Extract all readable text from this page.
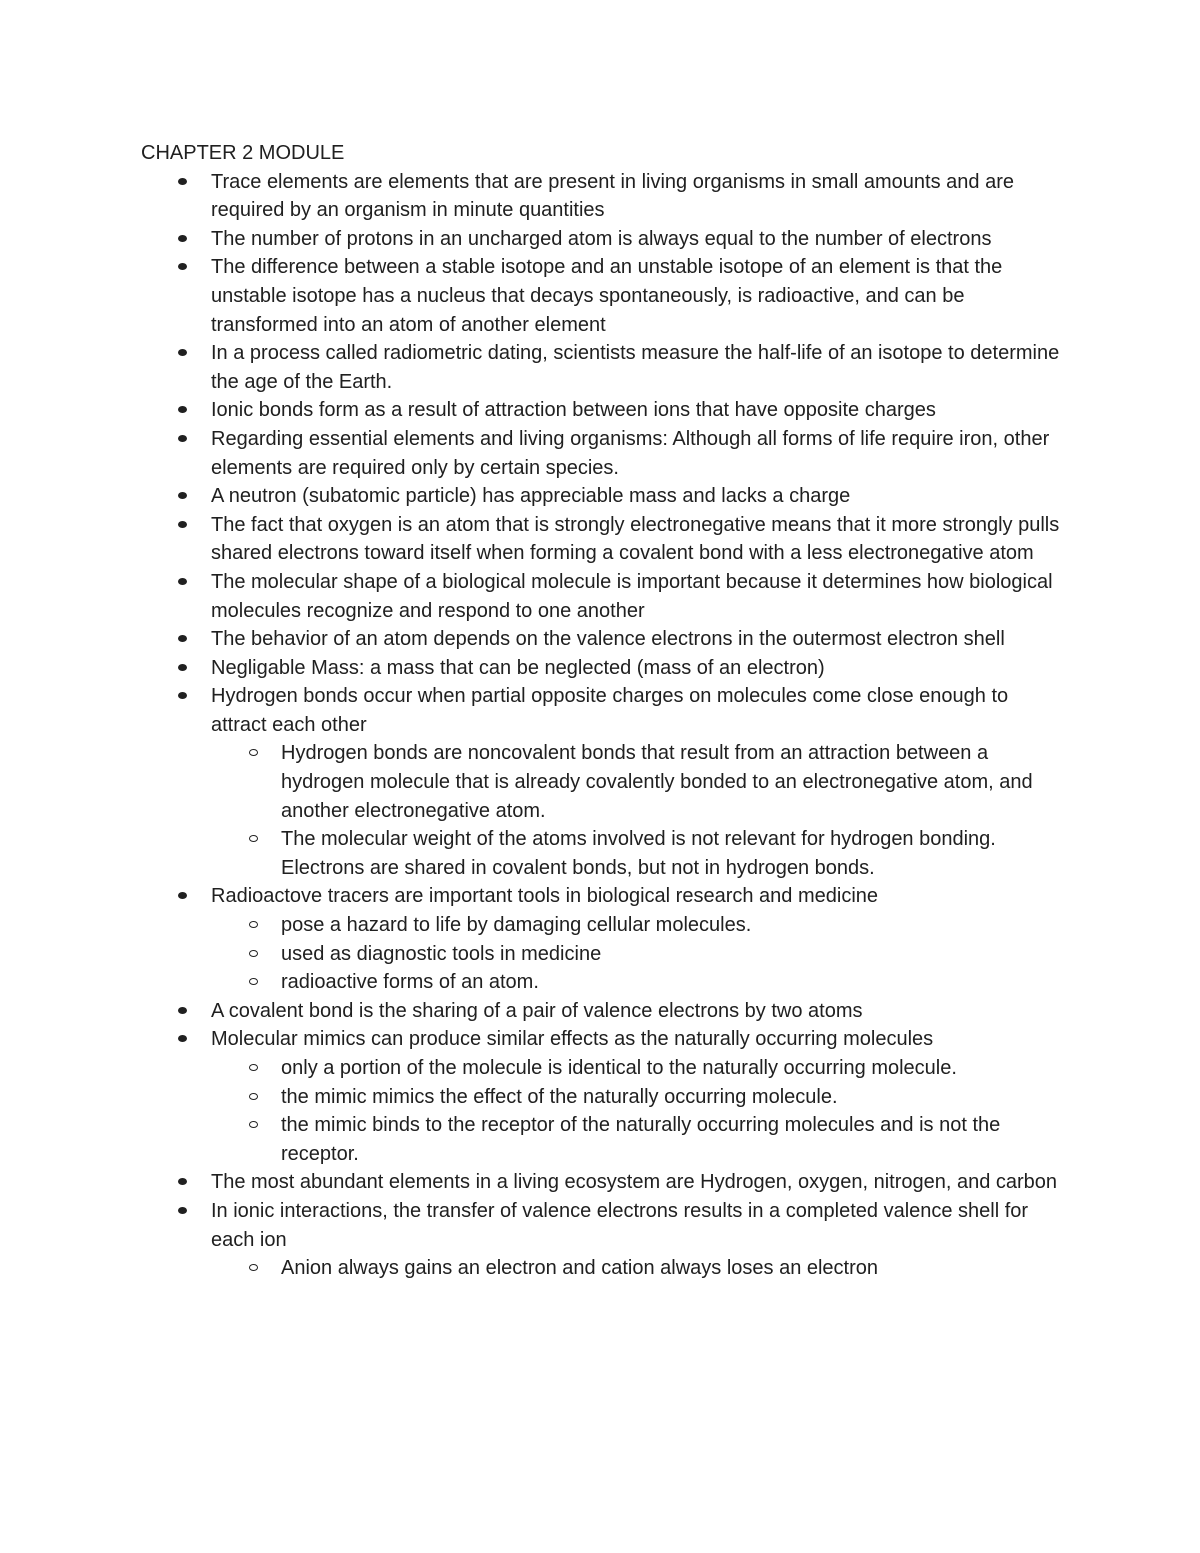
CHAPTER 2 MODULE
Trace elements are elements that are present in living organisms in small amounts and are required by an organism in minute quantities
The number of protons in an uncharged atom is always equal to the number of electrons
The difference between a stable isotope and an unstable isotope of an element is that the unstable isotope has a nucleus that decays spontaneously, is radioactive, and can be transformed into an atom of another element
In a process called radiometric dating, scientists measure the half-life of an isotope to determine the age of the Earth.
Ionic bonds form as a result of attraction between ions that have opposite charges
Regarding essential elements and living organisms: Although all forms of life require iron, other elements are required only by certain species.
A neutron (subatomic particle) has appreciable mass and lacks a charge
The fact that oxygen is an atom that is strongly electronegative means that it more strongly pulls shared electrons toward itself when forming a covalent bond with a less electronegative atom
The molecular shape of a biological molecule is important because it determines how biological molecules recognize and respond to one another
The behavior of an atom depends on the valence electrons in the outermost electron shell
Negligable Mass: a mass that can be neglected (mass of an electron)
Hydrogen bonds occur when partial opposite charges on molecules come close enough to attract each other
Hydrogen bonds are noncovalent bonds that result from an attraction between a hydrogen molecule that is already covalently bonded to an electronegative atom, and another electronegative atom.
The molecular weight of the atoms involved is not relevant for hydrogen bonding. Electrons are shared in covalent bonds, but not in hydrogen bonds.
Radioactove tracers are important tools in biological research and medicine
pose a hazard to life by damaging cellular molecules.
used as diagnostic tools in medicine
radioactive forms of an atom.
A covalent bond is the sharing of a pair of valence electrons by two atoms
Molecular mimics can produce similar effects as the naturally occurring molecules
only a portion of the molecule is identical to the naturally occurring molecule.
the mimic mimics the effect of the naturally occurring molecule.
the mimic binds to the receptor of the naturally occurring molecules and is not the receptor.
The most abundant elements in a living ecosystem are Hydrogen, oxygen, nitrogen, and carbon
In ionic interactions, the transfer of valence electrons results in a completed valence shell for each ion
Anion always gains an electron and cation always loses an electron
